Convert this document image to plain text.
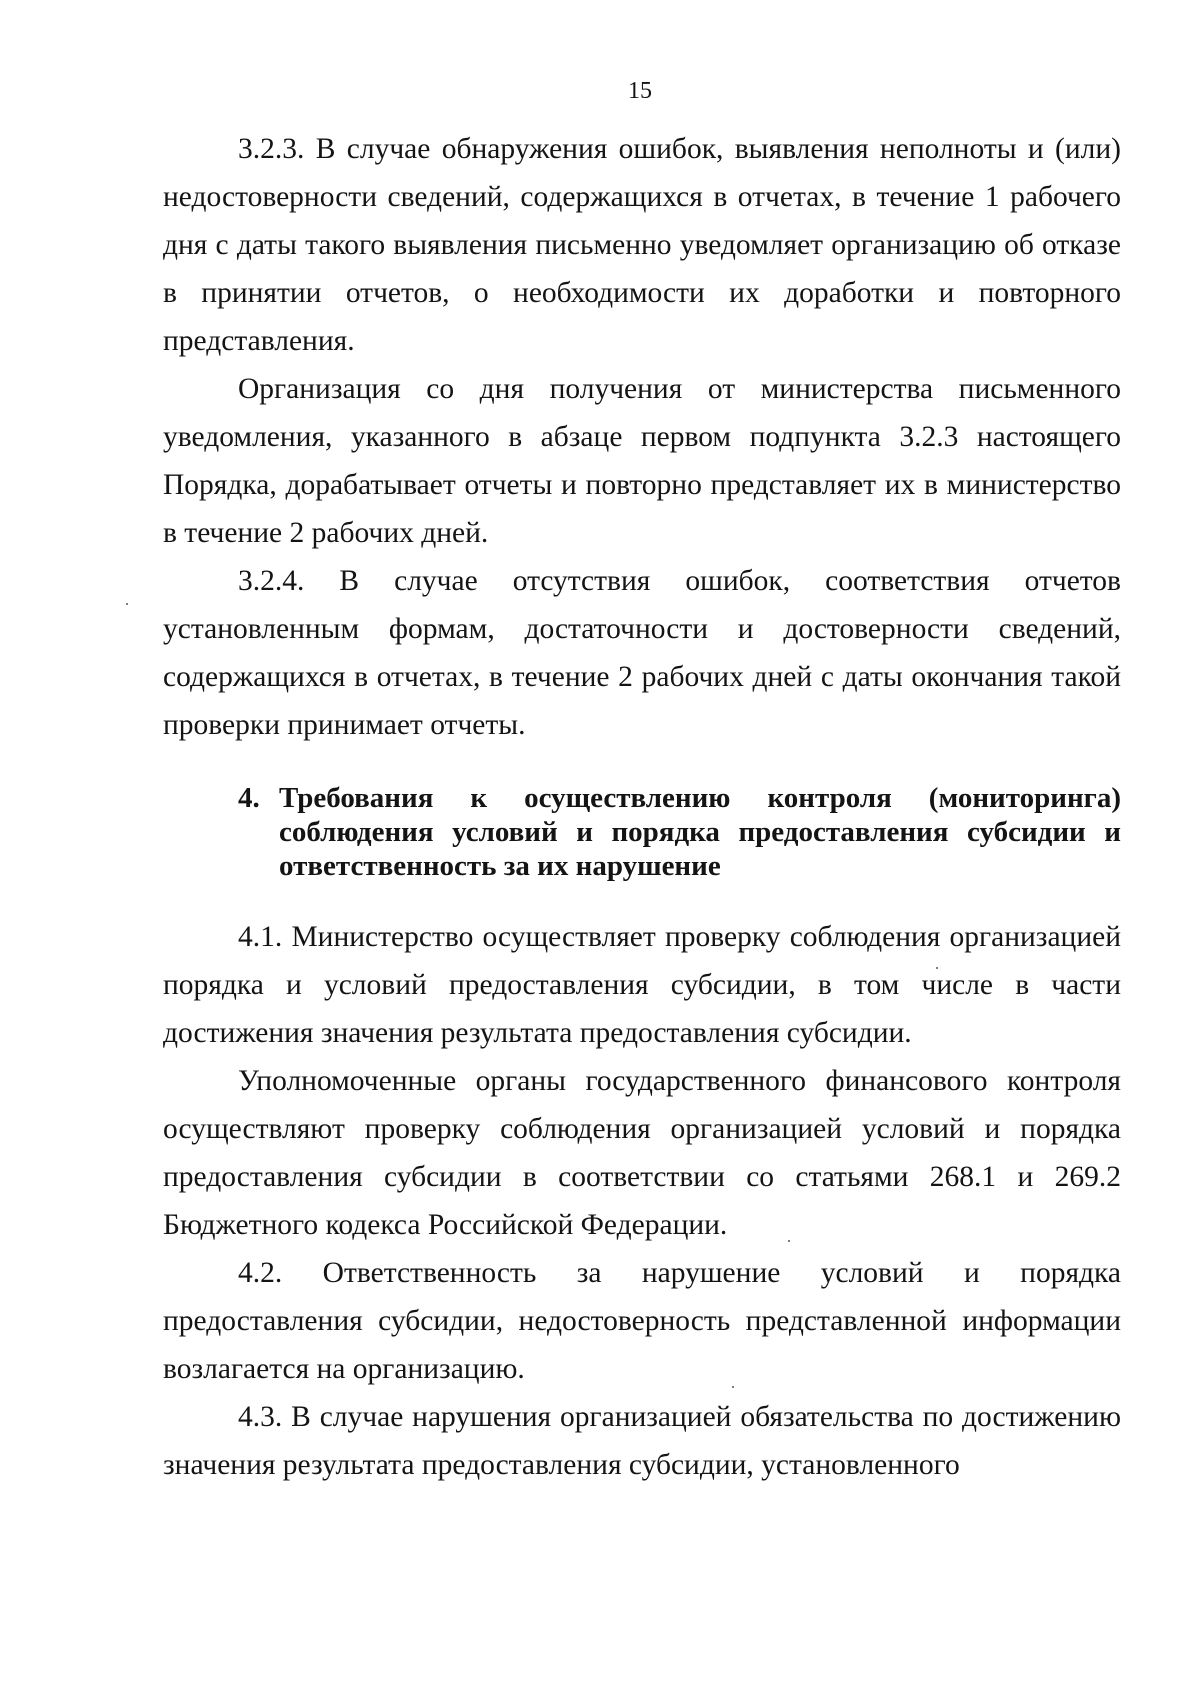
15

3.2.3. В случае обнаружения ошибок, выявления неполноты и (или) недостоверности сведений, содержащихся в отчетах, в течение 1 рабочего дня с даты такого выявления письменно уведомляет организацию об отказе в принятии отчетов, о необходимости их доработки и повторного представления.

Организация со дня получения от министерства письменного уведомления, указанного в абзаце первом подпункта 3.2.3 настоящего Порядка, дорабатывает отчеты и повторно представляет их в министерство в течение 2 рабочих дней.

3.2.4. В случае отсутствия ошибок, соответствия отчетов установленным формам, достаточности и достоверности сведений, содержащихся в отчетах, в течение 2 рабочих дней с даты окончания такой проверки принимает отчеты.

4. Требования к осуществлению контроля (мониторинга) соблюдения условий и порядка предоставления субсидии и ответственность за их нарушение

4.1. Министерство осуществляет проверку соблюдения организацией порядка и условий предоставления субсидии, в том числе в части достижения значения результата предоставления субсидии.

Уполномоченные органы государственного финансового контроля осуществляют проверку соблюдения организацией условий и порядка предоставления субсидии в соответствии со статьями 268.1 и 269.2 Бюджетного кодекса Российской Федерации.

4.2. Ответственность за нарушение условий и порядка предоставления субсидии, недостоверность представленной информации возлагается на организацию.

4.3. В случае нарушения организацией обязательства по достижению значения результата предоставления субсидии, установленного
